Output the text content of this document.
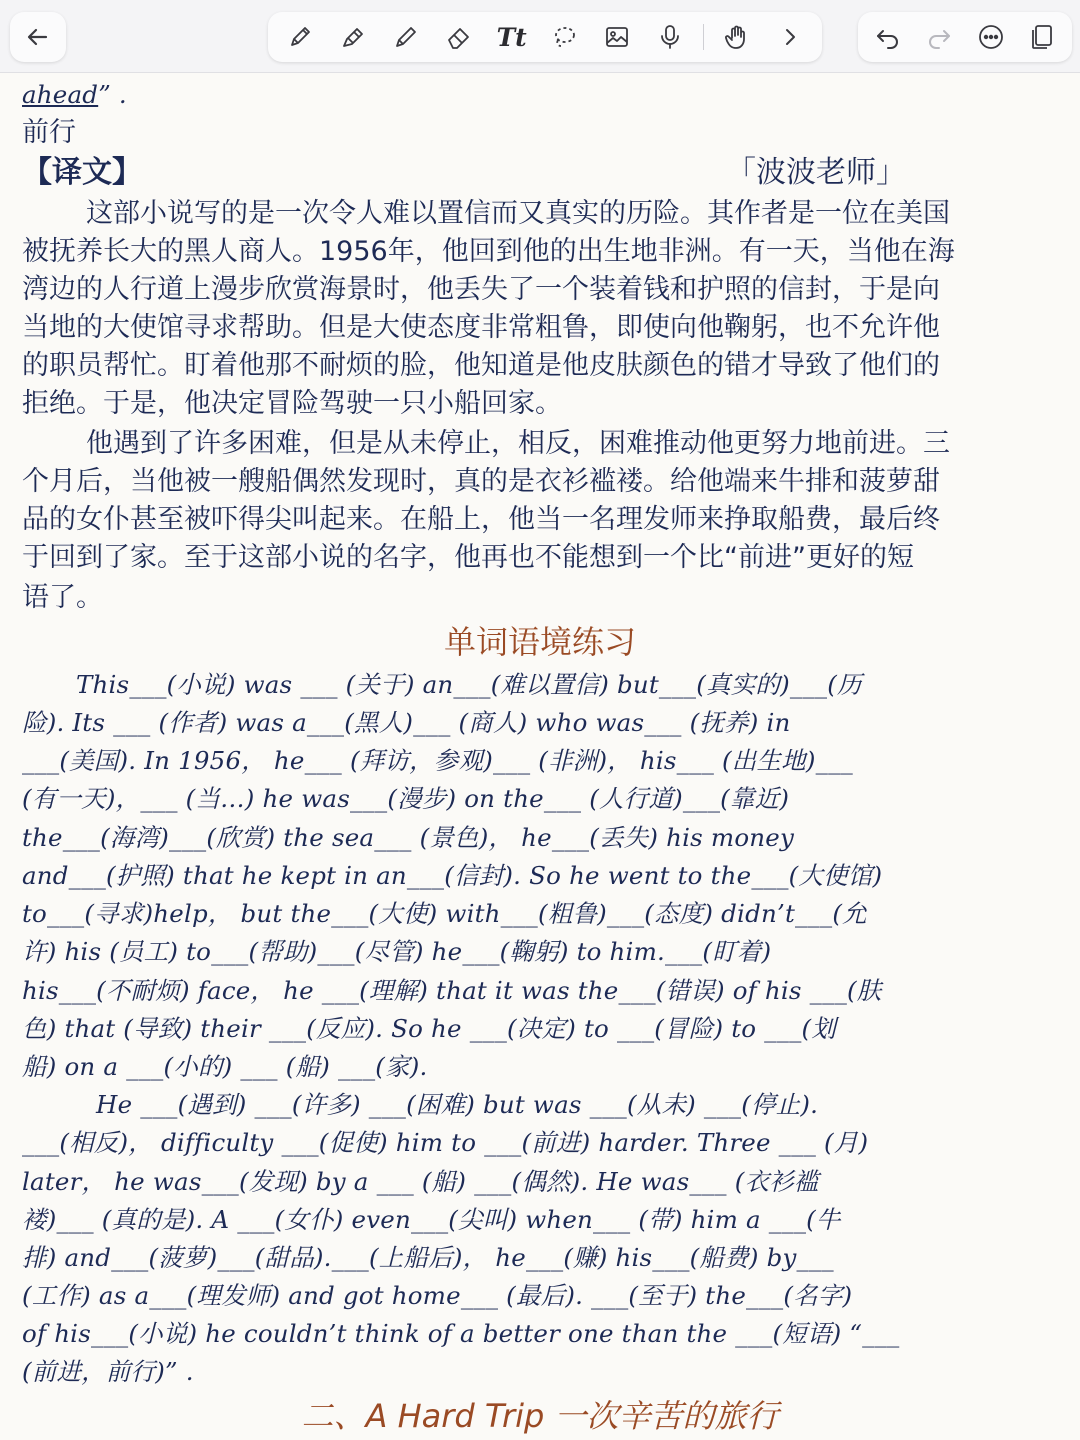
Tt
ahead” .
前行
【译文】	「波波老师」
这部小说写的是一次令人难以置信而又真实的历险。其作者是一位在美国
被抚养长大的黑人商人。1956年，他回到他的出生地非洲。有一天，当他在海
湾边的人行道上漫步欣赏海景时，他丢失了一个装着钱和护照的信封，于是向
当地的大使馆寻求帮助。但是大使态度非常粗鲁，即使向他鞠躬，也不允许他
的职员帮忙。盯着他那不耐烦的脸，他知道是他皮肤颜色的错才导致了他们的
拒绝。于是，他决定冒险驾驶一只小船回家。
他遇到了许多困难，但是从未停止，相反，困难推动他更努力地前进。三
个月后，当他被一艘船偶然发现时，真的是衣衫褴褛。给他端来牛排和菠萝甜
品的女仆甚至被吓得尖叫起来。在船上，他当一名理发师来挣取船费，最后终
于回到了家。至于这部小说的名字，他再也不能想到一个比“前进”更好的短
语了。
单词语境练习
This___(小说) was ___ (关于) an___(难以置信) but___(真实的)___(历
险). Its ___ (作者) was a___(黑人)___ (商人) who was___ (抚养) in
___(美国). In 1956， he___ (拜访，参观)___ (非洲)， his___ (出生地)___
(有一天)，___ (当…) he was___(漫步) on the___ (人行道)___(靠近)
the___(海湾)___(欣赏) the sea___ (景色)， he___(丢失) his money
and___(护照) that he kept in an___(信封). So he went to the___(大使馆)
to___(寻求)help， but the___(大使) with___(粗鲁)___(态度) didn’t___(允
许) his (员工) to___(帮助)___(尽管) he___(鞠躬) to him.___(盯着)
his___(不耐烦) face， he ___(理解) that it was the___(错误) of his ___(肤
色) that (导致) their ___(反应). So he ___(决定) to ___(冒险) to ___(划
船) on a ___(小的) ___ (船) ___(家).
He ___(遇到) ___(许多) ___(困难) but was ___(从未) ___(停止).
___(相反)， difficulty ___(促使) him to ___(前进) harder. Three ___ (月)
later， he was___(发现) by a ___ (船) ___(偶然). He was___ (衣衫褴
褛)___ (真的是). A ___(女仆) even___(尖叫) when___ (带) him a ___(牛
排) and___(菠萝)___(甜品).___(上船后)， he___(赚) his___(船费) by___
(工作) as a___(理发师) and got home___ (最后). ___(至于) the___(名字)
of his___(小说) he couldn’t think of a better one than the ___(短语) “___
(前进，前行)” .
二、A Hard Trip 一次辛苦的旅行
